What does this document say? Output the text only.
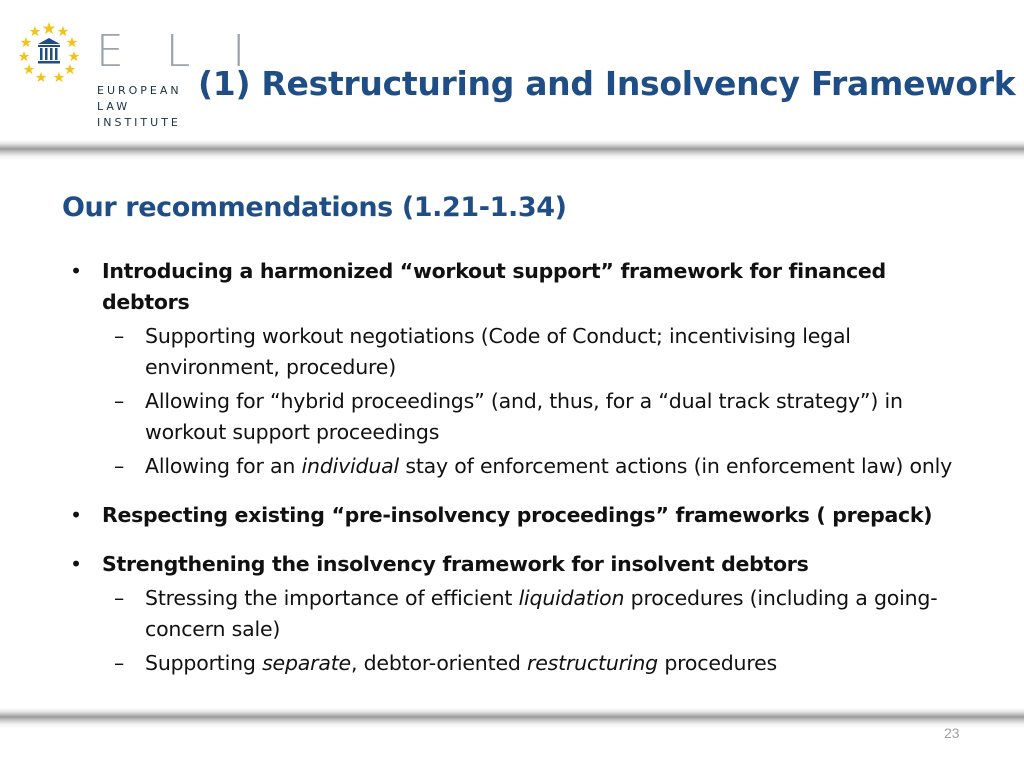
E L I
EUROPEAN
LAW
INSTITUTE
(1) Restructuring and Insolvency Framework
Our recommendations (1.21-1.34)
• Introducing a harmonized “workout support” framework for financed debtors
– Supporting workout negotiations (Code of Conduct; incentivising legal environment, procedure)
– Allowing for “hybrid proceedings” (and, thus, for a “dual track strategy”) in workout support proceedings
– Allowing for an individual stay of enforcement actions (in enforcement law) only
• Respecting existing “pre-insolvency proceedings” frameworks ( prepack)
• Strengthening the insolvency framework for insolvent debtors
– Stressing the importance of efficient liquidation procedures (including a going-concern sale)
– Supporting separate, debtor-oriented restructuring procedures
23
